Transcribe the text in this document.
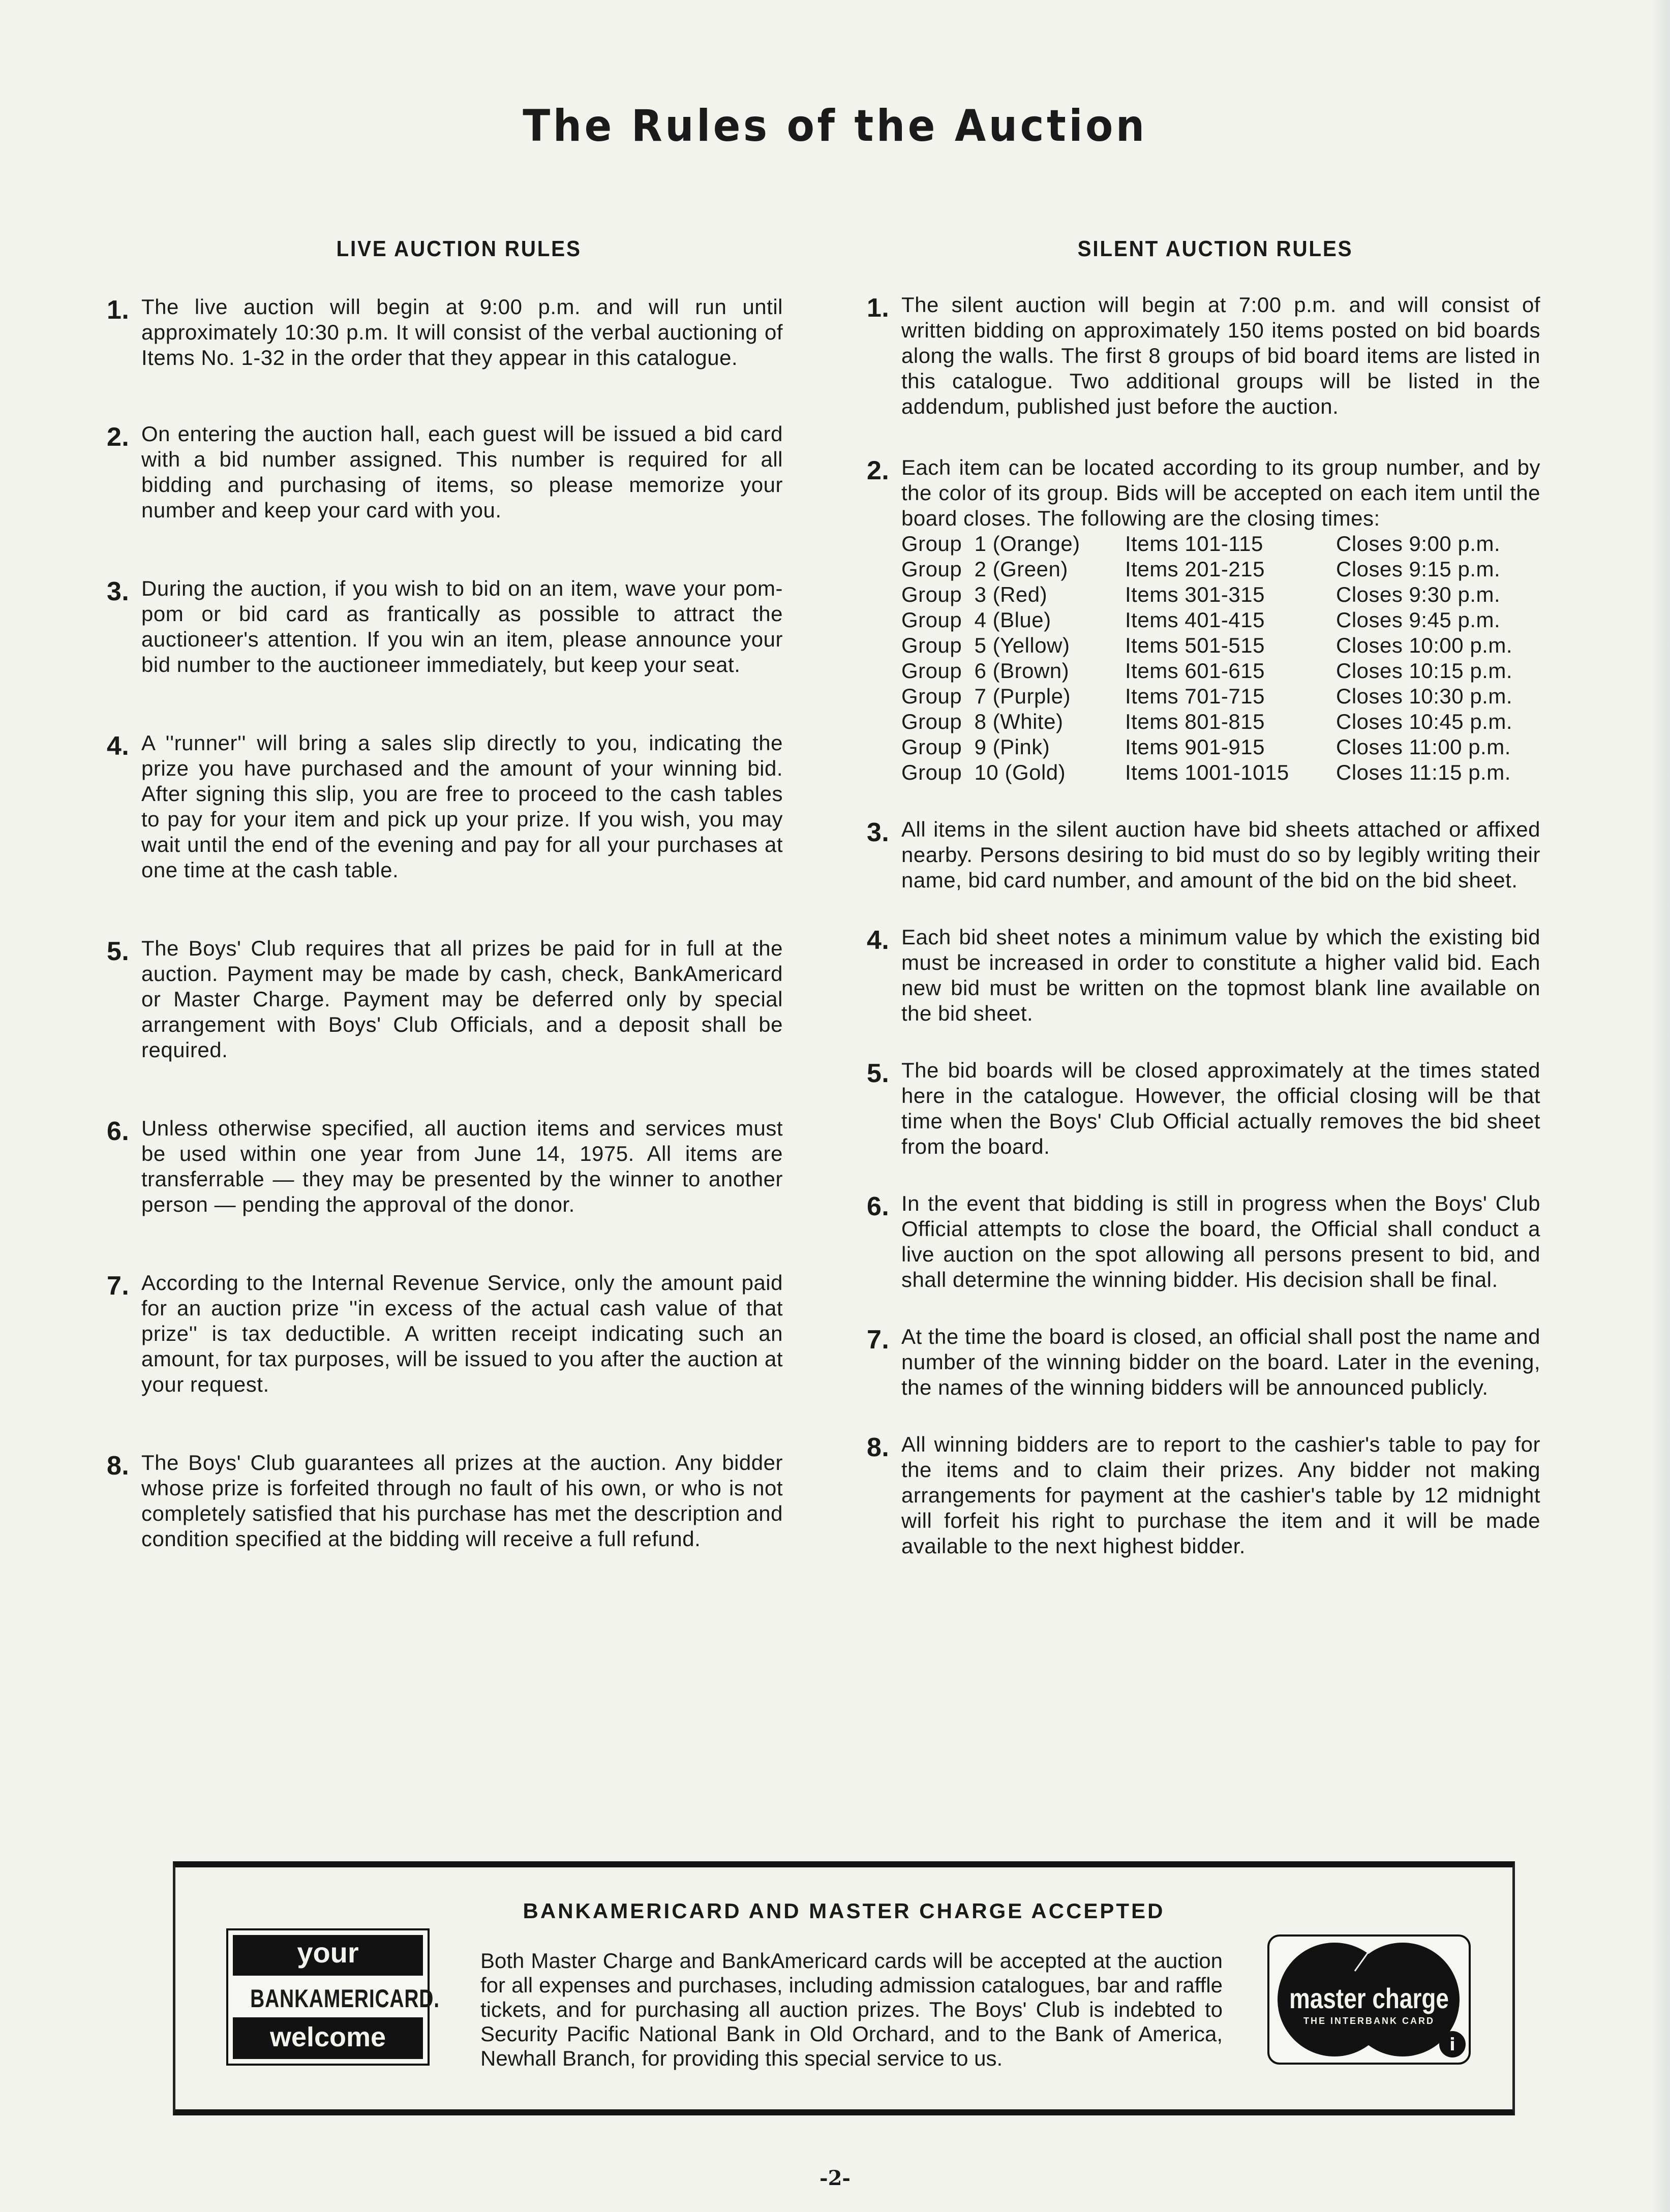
The Rules of the Auction
LIVE AUCTION RULES
1. The live auction will begin at 9:00 p.m. and will run until approximately 10:30 p.m. It will consist of the verbal auctioning of Items No. 1-32 in the order that they appear in this catalogue.

2. On entering the auction hall, each guest will be issued a bid card with a bid number assigned. This number is required for all bidding and purchasing of items, so please memorize your number and keep your card with you.

3. During the auction, if you wish to bid on an item, wave your pom-pom or bid card as frantically as possible to attract the auctioneer's attention. If you win an item, please announce your bid number to the auctioneer immediately, but keep your seat.

4. A ''runner'' will bring a sales slip directly to you, indicating the prize you have purchased and the amount of your winning bid. After signing this slip, you are free to proceed to the cash tables to pay for your item and pick up your prize. If you wish, you may wait until the end of the evening and pay for all your purchases at one time at the cash table.

5. The Boys' Club requires that all prizes be paid for in full at the auction. Payment may be made by cash, check, BankAmericard or Master Charge. Payment may be deferred only by special arrangement with Boys' Club Officials, and a deposit shall be required.

6. Unless otherwise specified, all auction items and services must be used within one year from June 14, 1975. All items are transferrable — they may be presented by the winner to another person — pending the approval of the donor.

7. According to the Internal Revenue Service, only the amount paid for an auction prize ''in excess of the actual cash value of that prize'' is tax deductible. A written receipt indicating such an amount, for tax purposes, will be issued to you after the auction at your request.

8. The Boys' Club guarantees all prizes at the auction. Any bidder whose prize is forfeited through no fault of his own, or who is not completely satisfied that his purchase has met the description and condition specified at the bidding will receive a full refund.

SILENT AUCTION RULES
1. The silent auction will begin at 7:00 p.m. and will consist of written bidding on approximately 150 items posted on bid boards along the walls. The first 8 groups of bid board items are listed in this catalogue. Two additional groups will be listed in the addendum, published just before the auction.

2. Each item can be located according to its group number, and by the color of its group. Bids will be accepted on each item until the board closes. The following are the closing times:

Group  1 (Orange)	Items 101-115	Closes 9:00 p.m.
Group  2 (Green)	Items 201-215	Closes 9:15 p.m.
Group  3 (Red)	Items 301-315	Closes 9:30 p.m.
Group  4 (Blue)	Items 401-415	Closes 9:45 p.m.
Group  5 (Yellow)	Items 501-515	Closes 10:00 p.m.
Group  6 (Brown)	Items 601-615	Closes 10:15 p.m.
Group  7 (Purple)	Items 701-715	Closes 10:30 p.m.
Group  8 (White)	Items 801-815	Closes 10:45 p.m.
Group  9 (Pink)	Items 901-915	Closes 11:00 p.m.
Group  10 (Gold)	Items 1001-1015	Closes 11:15 p.m.
3. All items in the silent auction have bid sheets attached or affixed nearby. Persons desiring to bid must do so by legibly writing their name, bid card number, and amount of the bid on the bid sheet.

4. Each bid sheet notes a minimum value by which the existing bid must be increased in order to constitute a higher valid bid. Each new bid must be written on the topmost blank line available on the bid sheet.

5. The bid boards will be closed approximately at the times stated here in the catalogue. However, the official closing will be that time when the Boys' Club Official actually removes the bid sheet from the board.

6. In the event that bidding is still in progress when the Boys' Club Official attempts to close the board, the Official shall conduct a live auction on the spot allowing all persons present to bid, and shall determine the winning bidder. His decision shall be final.

7. At the time the board is closed, an official shall post the name and number of the winning bidder on the board. Later in the evening, the names of the winning bidders will be announced publicly.

8. All winning bidders are to report to the cashier's table to pay for the items and to claim their prizes. Any bidder not making arrangements for payment at the cashier's table by 12 midnight will forfeit his right to purchase the item and it will be made available to the next highest bidder.

BANKAMERICARD AND MASTER CHARGE ACCEPTED
your
BANKAMERICARD.
welcome
Both Master Charge and BankAmericard cards will be accepted at the auction for all expenses and purchases, including admission catalogues, bar and raffle tickets, and for purchasing all auction prizes. The Boys' Club is indebted to Security Pacific National Bank in Old Orchard, and to the Bank of America, Newhall Branch, for providing this special service to us.
i
master charge
THE INTERBANK CARD
-2-
